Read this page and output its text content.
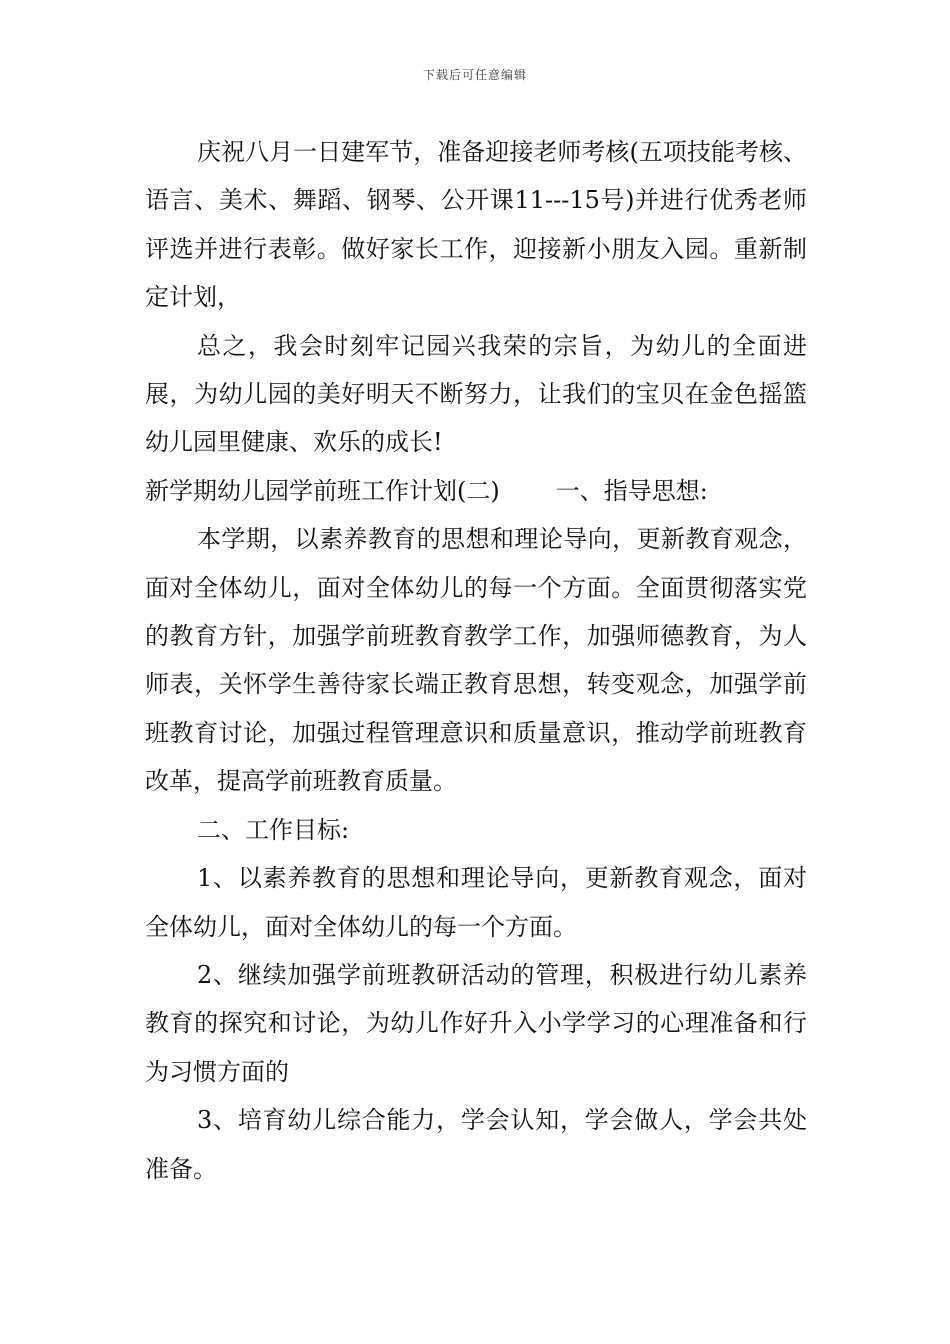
下载后可任意编辑

庆祝八月一日建军节，准备迎接老师考核(五项技能考核、语言、美术、舞蹈、钢琴、公开课11---15号)并进行优秀老师评选并进行表彰。做好家长工作，迎接新小朋友入园。重新制定计划，

总之，我会时刻牢记园兴我荣的宗旨，为幼儿的全面进展，为幼儿园的美好明天不断努力，让我们的宝贝在金色摇篮幼儿园里健康、欢乐的成长!

新学期幼儿园学前班工作计划(二) 一、指导思想:

本学期，以素养教育的思想和理论导向，更新教育观念，面对全体幼儿，面对全体幼儿的每一个方面。全面贯彻落实党的教育方针，加强学前班教育教学工作，加强师德教育，为人师表，关怀学生善待家长端正教育思想，转变观念，加强学前班教育讨论，加强过程管理意识和质量意识，推动学前班教育改革，提高学前班教育质量。

二、工作目标:

1、以素养教育的思想和理论导向，更新教育观念，面对全体幼儿，面对全体幼儿的每一个方面。

2、继续加强学前班教研活动的管理，积极进行幼儿素养教育的探究和讨论，为幼儿作好升入小学学习的心理准备和行为习惯方面的

3、培育幼儿综合能力，学会认知，学会做人，学会共处准备。
